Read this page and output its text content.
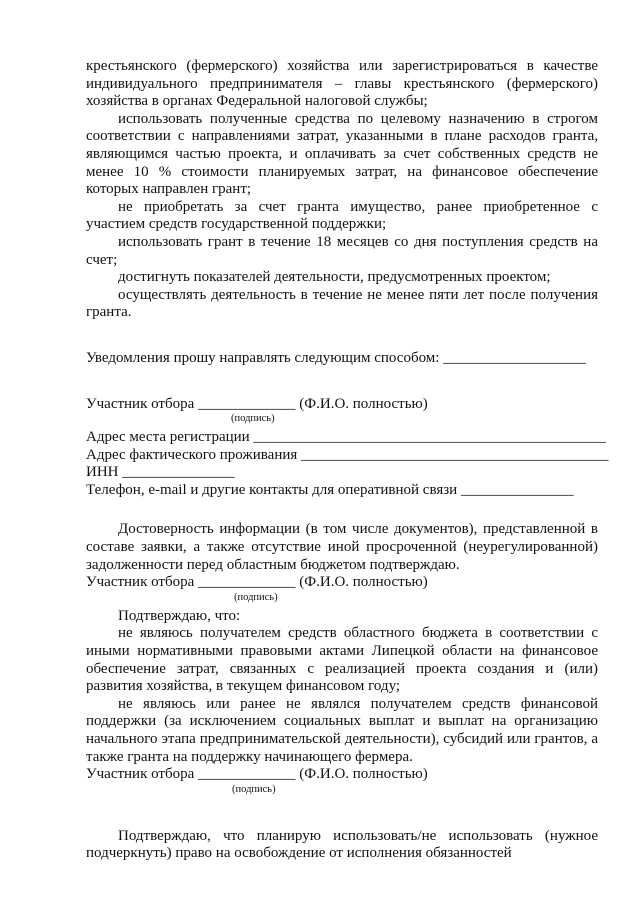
крестьянского (фермерского) хозяйства или зарегистрироваться в качестве индивидуального предпринимателя – главы крестьянского (фермерского) хозяйства в органах Федеральной налоговой службы;

использовать полученные средства по целевому назначению в строгом соответствии с направлениями затрат, указанными в плане расходов гранта, являющимся частью проекта, и оплачивать за счет собственных средств не менее 10 % стоимости планируемых затрат, на финансовое обеспечение которых направлен грант;

не приобретать за счет гранта имущество, ранее приобретенное с участием средств государственной поддержки;

использовать грант в течение 18 месяцев со дня поступления средств на счет;

достигнуть показателей деятельности, предусмотренных проектом;

осуществлять деятельность в течение не менее пяти лет после получения гранта.

Уведомления прошу направлять следующим способом: ___________________

Участник отбора _____________ (Ф.И.О. полностью)

(подпись)

Адрес места регистрации _______________________________________________

Адрес фактического проживания _________________________________________

ИНН _______________

Телефон, e-mail и другие контакты для оперативной связи _______________

Достоверность информации (в том числе документов), представленной в составе заявки, а также отсутствие иной просроченной (неурегулированной) задолженности перед областным бюджетом подтверждаю.

Участник отбора _____________ (Ф.И.О. полностью)

(подпись)

Подтверждаю, что:

не являюсь получателем средств областного бюджета в соответствии с иными нормативными правовыми актами Липецкой области на финансовое обеспечение затрат, связанных с реализацией проекта создания и (или) развития хозяйства, в текущем финансовом году;

не являюсь или ранее не являлся получателем средств финансовой поддержки (за исключением социальных выплат и выплат на организацию начального этапа предпринимательской деятельности), субсидий или грантов, а также гранта на поддержку начинающего фермера.

Участник отбора _____________ (Ф.И.О. полностью)

(подпись)

Подтверждаю, что планирую использовать/не использовать (нужное подчеркнуть) право на освобождение от исполнения обязанностей
